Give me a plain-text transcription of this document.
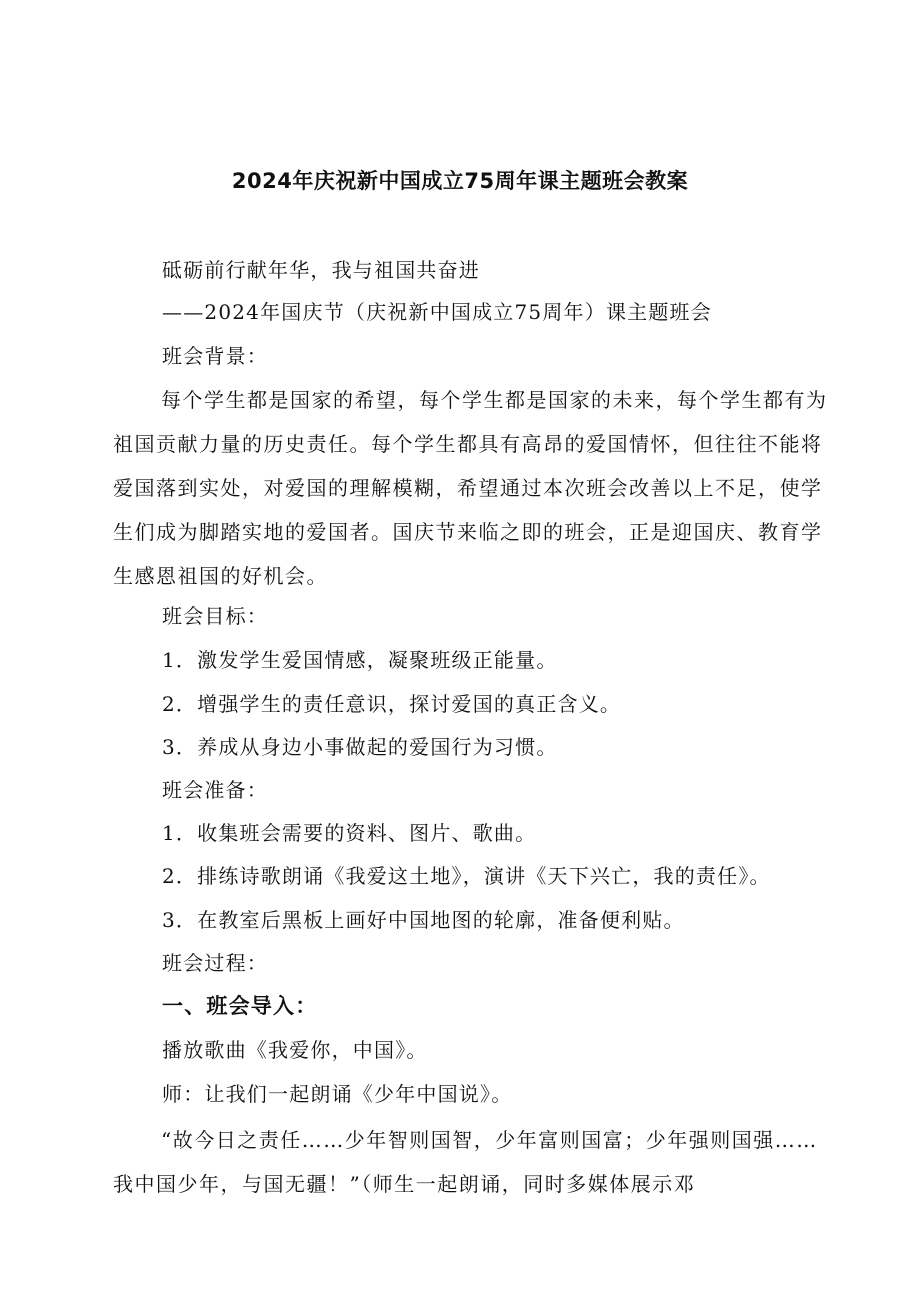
2024年庆祝新中国成立75周年课主题班会教案
砥砺前行献年华，我与祖国共奋进
——2024年国庆节（庆祝新中国成立75周年）课主题班会
班会背景：
每个学生都是国家的希望，每个学生都是国家的未来，每个学生都有为祖国贡献力量的历史责任。每个学生都具有高昂的爱国情怀，但往往不能将爱国落到实处，对爱国的理解模糊，希望通过本次班会改善以上不足，使学生们成为脚踏实地的爱国者。国庆节来临之即的班会，正是迎国庆、教育学生感恩祖国的好机会。
班会目标：
1．激发学生爱国情感，凝聚班级正能量。
2．增强学生的责任意识，探讨爱国的真正含义。
3．养成从身边小事做起的爱国行为习惯。
班会准备：
1．收集班会需要的资料、图片、歌曲。
2．排练诗歌朗诵《我爱这土地》，演讲《天下兴亡，我的责任》。
3．在教室后黑板上画好中国地图的轮廓，准备便利贴。
班会过程：
一、班会导入：
播放歌曲《我爱你，中国》。
师：让我们一起朗诵《少年中国说》。
“故今日之责任……少年智则国智，少年富则国富；少年强则国强……我中国少年，与国无疆！”（师生一起朗诵，同时多媒体展示邓
